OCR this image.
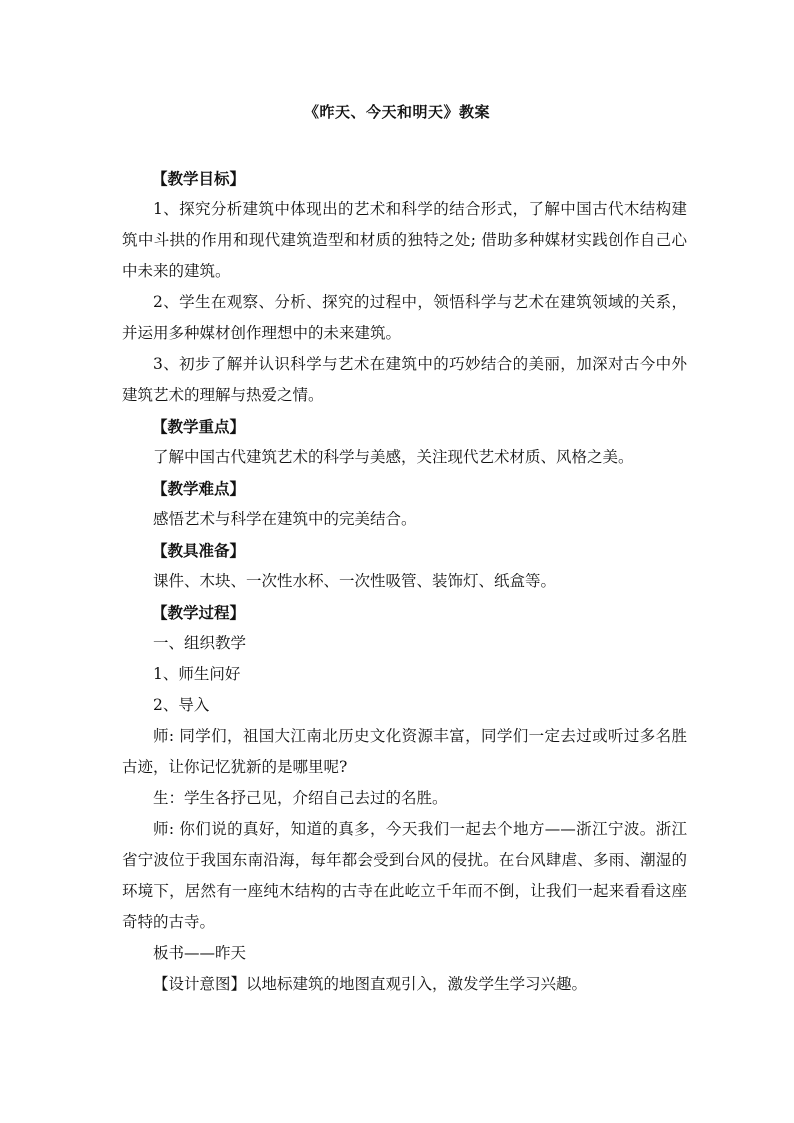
《昨天、今天和明天》教案

【教学目标】

1、探究分析建筑中体现出的艺术和科学的结合形式，了解中国古代木结构建筑中斗拱的作用和现代建筑造型和材质的独特之处; 借助多种媒材实践创作自己心中未来的建筑。

2、学生在观察、分析、探究的过程中，领悟科学与艺术在建筑领域的关系，并运用多种媒材创作理想中的未来建筑。

3、初步了解并认识科学与艺术在建筑中的巧妙结合的美丽，加深对古今中外建筑艺术的理解与热爱之情。

【教学重点】

了解中国古代建筑艺术的科学与美感，关注现代艺术材质、风格之美。

【教学难点】

感悟艺术与科学在建筑中的完美结合。

【教具准备】

课件、木块、一次性水杯、一次性吸管、装饰灯、纸盒等。

【教学过程】

一、组织教学

1、师生问好

2、导入

师: 同学们，祖国大江南北历史文化资源丰富，同学们一定去过或听过多名胜古迹，让你记忆犹新的是哪里呢?

生：学生各抒己见，介绍自己去过的名胜。

师: 你们说的真好，知道的真多，今天我们一起去个地方——浙江宁波。浙江省宁波位于我国东南沿海，每年都会受到台风的侵扰。在台风肆虐、多雨、潮湿的环境下，居然有一座纯木结构的古寺在此屹立千年而不倒，让我们一起来看看这座奇特的古寺。

板书——昨天

【设计意图】以地标建筑的地图直观引入，激发学生学习兴趣。
